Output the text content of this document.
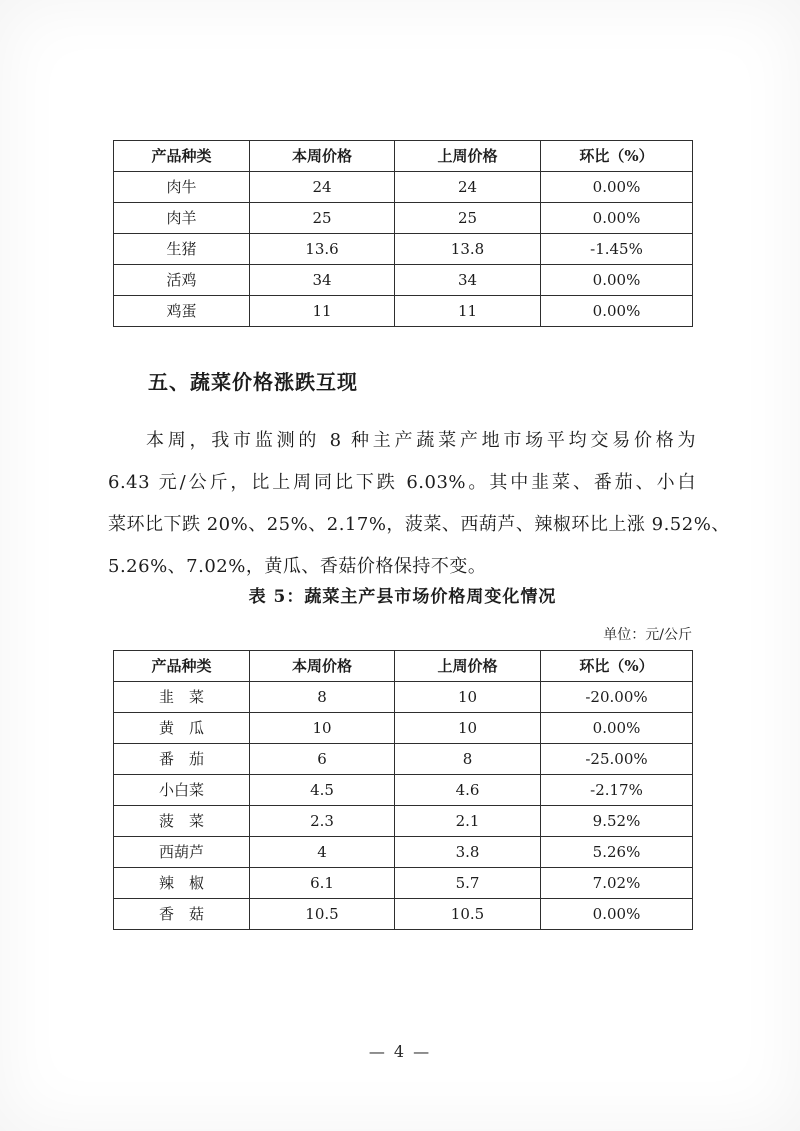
产品种类	本周价格	上周价格	环比（%）
肉牛	24	24	0.00%
肉羊	25	25	0.00%
生猪	13.6	13.8	-1.45%
活鸡	34	34	0.00%
鸡蛋	11	11	0.00%
五、蔬菜价格涨跌互现
本周，我市监测的 8 种主产蔬菜产地市场平均交易价格为
6.43 元/公斤，比上周同比下跌 6.03%。其中韭菜、番茄、小白
菜环比下跌 20%、25%、2.17%，菠菜、西葫芦、辣椒环比上涨 9.52%、
5.26%、7.02%，黄瓜、香菇价格保持不变。
表 5：蔬菜主产县市场价格周变化情况
单位：元/公斤
产品种类	本周价格	上周价格	环比（%）
韭　菜	8	10	-20.00%
黄　瓜	10	10	0.00%
番　茄	6	8	-25.00%
小白菜	4.5	4.6	-2.17%
菠　菜	2.3	2.1	9.52%
西葫芦	4	3.8	5.26%
辣　椒	6.1	5.7	7.02%
香　菇	10.5	10.5	0.00%
— 4 —
